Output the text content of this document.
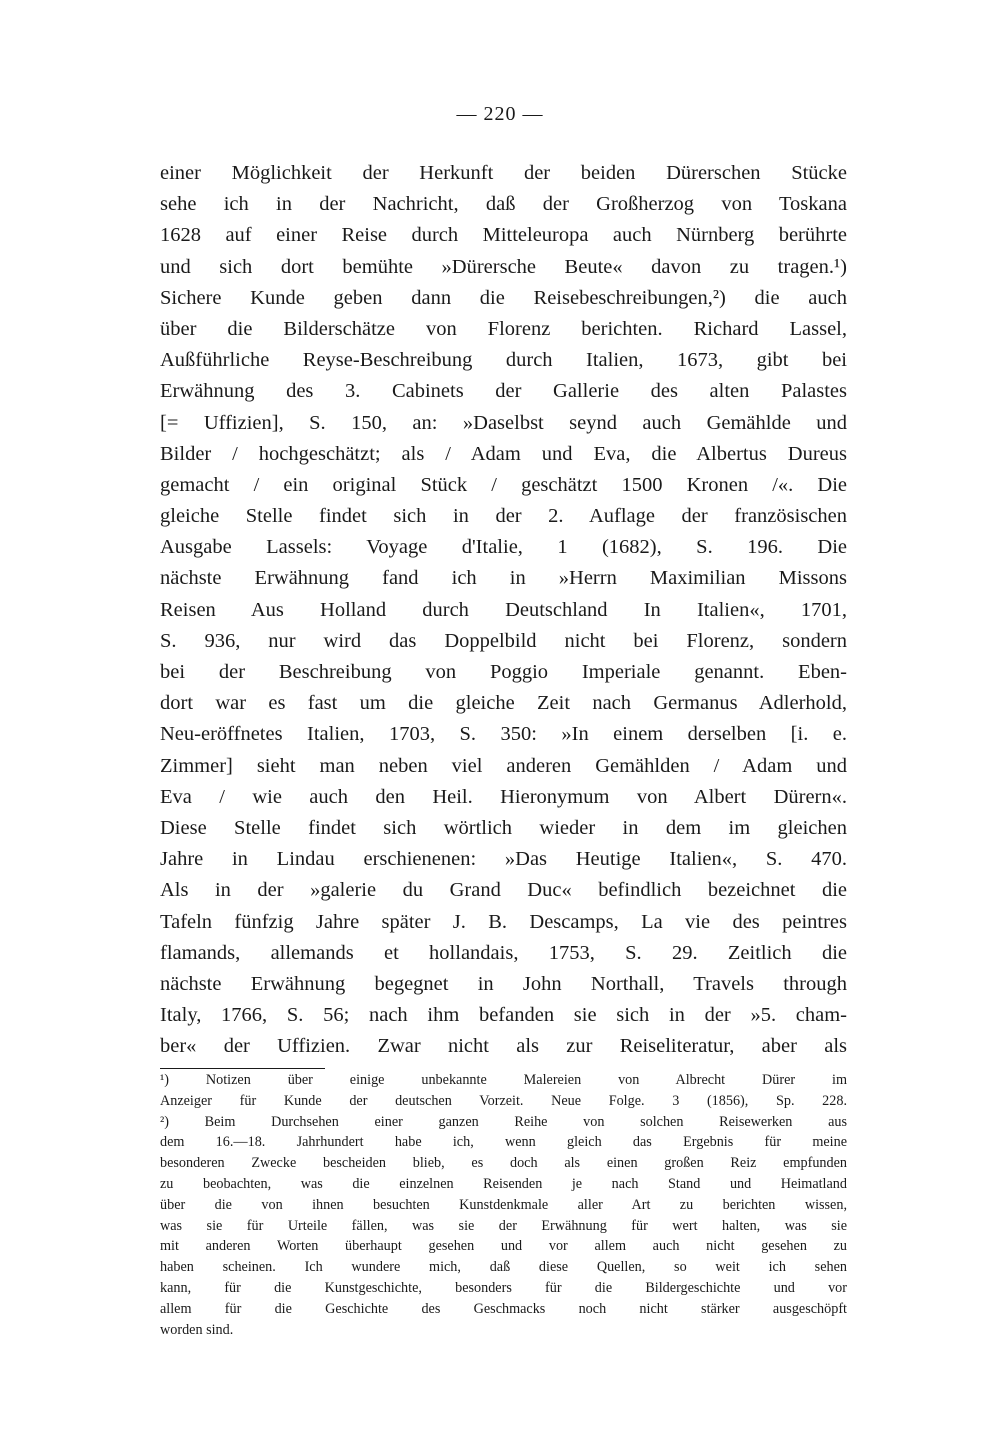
— 220 —
einer Möglichkeit der Herkunft der beiden Dürerschen Stücke
sehe ich in der Nachricht, daß der Großherzog von Toskana
1628 auf einer Reise durch Mitteleuropa auch Nürnberg berührte
und sich dort bemühte »Dürersche Beute« davon zu tragen.¹)
Sichere Kunde geben dann die Reisebeschreibungen,²) die auch
über die Bilderschätze von Florenz berichten. Richard Lassel,
Außführliche Reyse-Beschreibung durch Italien, 1673, gibt bei
Erwähnung des 3. Cabinets der Gallerie des alten Palastes
[= Uffizien], S. 150, an: »Daselbst seynd auch Gemählde und
Bilder / hochgeschätzt; als / Adam und Eva, die Albertus Dureus
gemacht / ein original Stück / geschätzt 1500 Kronen /«. Die
gleiche Stelle findet sich in der 2. Auflage der französischen
Ausgabe Lassels: Voyage d'Italie, 1 (1682), S. 196. Die
nächste Erwähnung fand ich in »Herrn Maximilian Missons
Reisen Aus Holland durch Deutschland In Italien«, 1701,
S. 936, nur wird das Doppelbild nicht bei Florenz, sondern
bei der Beschreibung von Poggio Imperiale genannt. Eben-
dort war es fast um die gleiche Zeit nach Germanus Adlerhold,
Neu-eröffnetes Italien, 1703, S. 350: »In einem derselben [i. e.
Zimmer] sieht man neben viel anderen Gemählden / Adam und
Eva / wie auch den Heil. Hieronymum von Albert Dürern«.
Diese Stelle findet sich wörtlich wieder in dem im gleichen
Jahre in Lindau erschienenen: »Das Heutige Italien«, S. 470.
Als in der »galerie du Grand Duc« befindlich bezeichnet die
Tafeln fünfzig Jahre später J. B. Descamps, La vie des peintres
flamands, allemands et hollandais, 1753, S. 29. Zeitlich die
nächste Erwähnung begegnet in John Northall, Travels through
Italy, 1766, S. 56; nach ihm befanden sie sich in der »5. cham-
ber« der Uffizien. Zwar nicht als zur Reiseliteratur, aber als
¹) Notizen über einige unbekannte Malereien von Albrecht Dürer im
Anzeiger für Kunde der deutschen Vorzeit. Neue Folge. 3 (1856), Sp. 228.
²) Beim Durchsehen einer ganzen Reihe von solchen Reisewerken aus
dem 16.—18. Jahrhundert habe ich, wenn gleich das Ergebnis für meine
besonderen Zwecke bescheiden blieb, es doch als einen großen Reiz empfunden
zu beobachten, was die einzelnen Reisenden je nach Stand und Heimatland
über die von ihnen besuchten Kunstdenkmale aller Art zu berichten wissen,
was sie für Urteile fällen, was sie der Erwähnung für wert halten, was sie
mit anderen Worten überhaupt gesehen und vor allem auch nicht gesehen zu
haben scheinen. Ich wundere mich, daß diese Quellen, so weit ich sehen
kann, für die Kunstgeschichte, besonders für die Bildergeschichte und vor
allem für die Geschichte des Geschmacks noch nicht stärker ausgeschöpft
worden sind.
